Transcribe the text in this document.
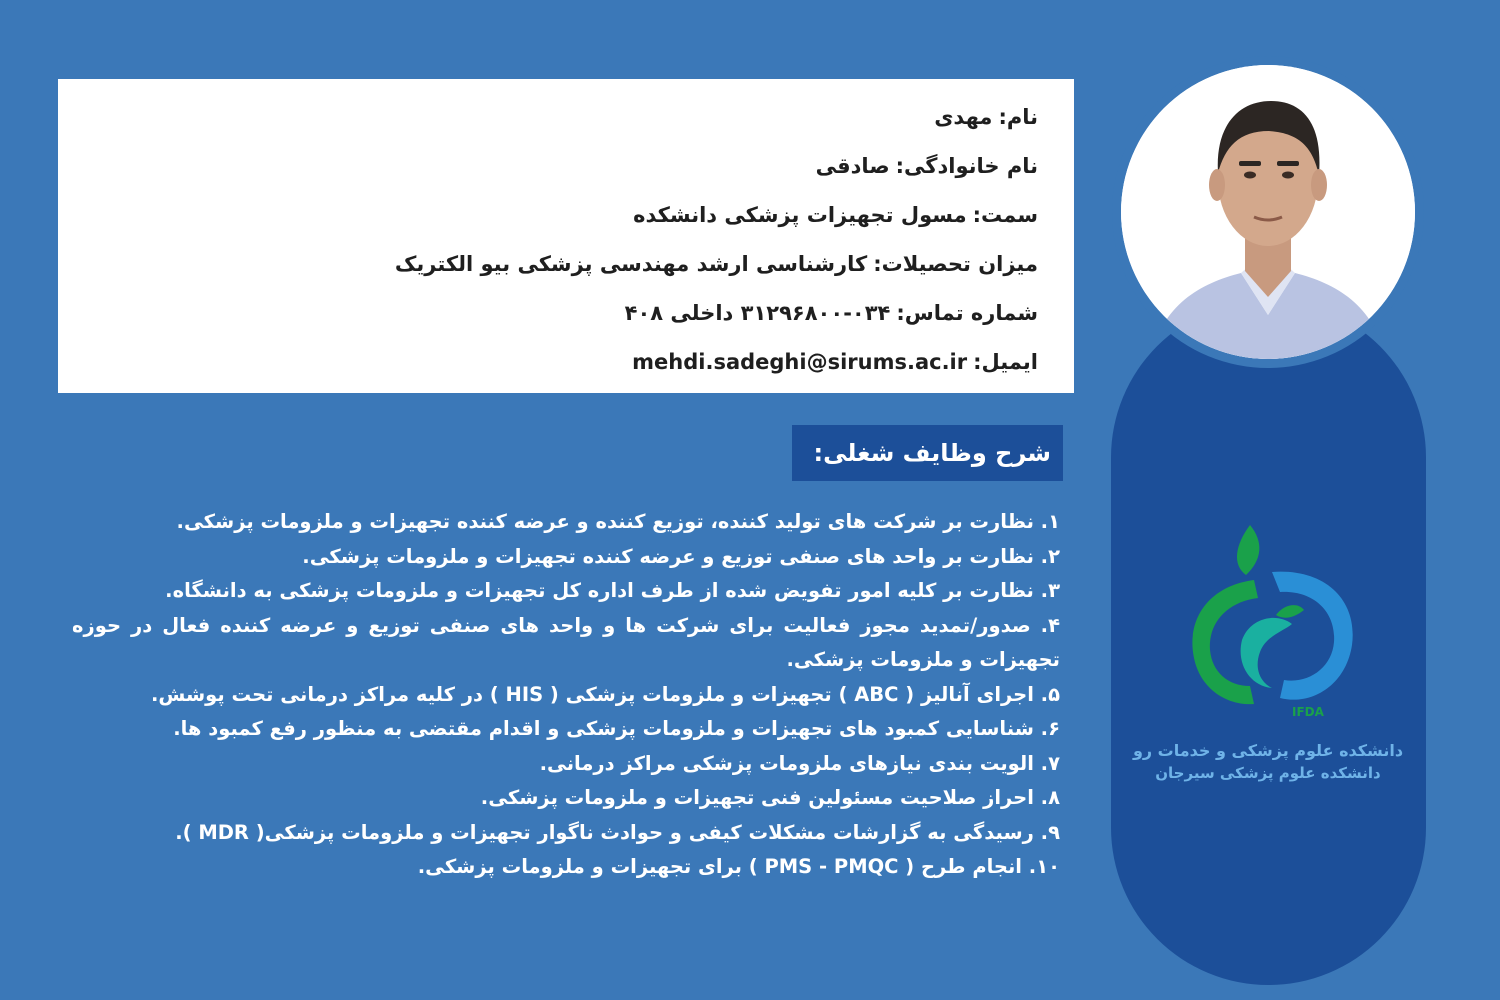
نام:مهدی
نام خانوادگی:صادقی
سمت:مسول تجهیزات پزشکی دانشکده
میزان تحصیلات:کارشناسی ارشد مهندسی پزشکی بیو الکتریک
شماره تماس:۰۳۴-۳۱۲۹۶۸۰۰ داخلی ۴۰۸
ایمیل:mehdi.sadeghi@sirums.ac.ir
شرح وظایف شغلی:
۱. نظارت بر شرکت های تولید کننده، توزیع کننده و عرضه کننده تجهیزات و ملزومات پزشکی.
۲. نظارت بر واحد های صنفی توزیع و عرضه کننده تجهیزات و ملزومات پزشکی.
۳. نظارت بر کلیه امور تفویض شده از طرف اداره کل تجهیزات و ملزومات پزشکی به دانشگاه.
۴. صدور/تمدید مجوز فعالیت برای شرکت ها و واحد های صنفی توزیع و عرضه کننده فعال در حوزه تجهیزات و ملزومات پزشکی.
۵. اجرای آنالیز ( ABC ) تجهیزات و ملزومات پزشکی ( HIS ) در کلیه مراکز درمانی تحت پوشش.
۶. شناسایی کمبود های تجهیزات و ملزومات پزشکی و اقدام مقتضی به منظور رفع کمبود ها.
۷. الویت بندی نیازهای ملزومات پزشکی مراکز درمانی.
۸. احراز صلاحیت مسئولین فنی تجهیزات و ملزومات پزشکی.
۹. رسیدگی به گزارشات مشکلات کیفی و حوادث ناگوار تجهیزات و ملزومات پزشکی( MDR ).
۱۰. انجام طرح ( PMS - PMQC ) برای تجهیزات و ملزومات پزشکی.
IFDA
دانشکده علوم پزشکی و خدمات رو
دانشکده علوم پزشکی سیرجان
